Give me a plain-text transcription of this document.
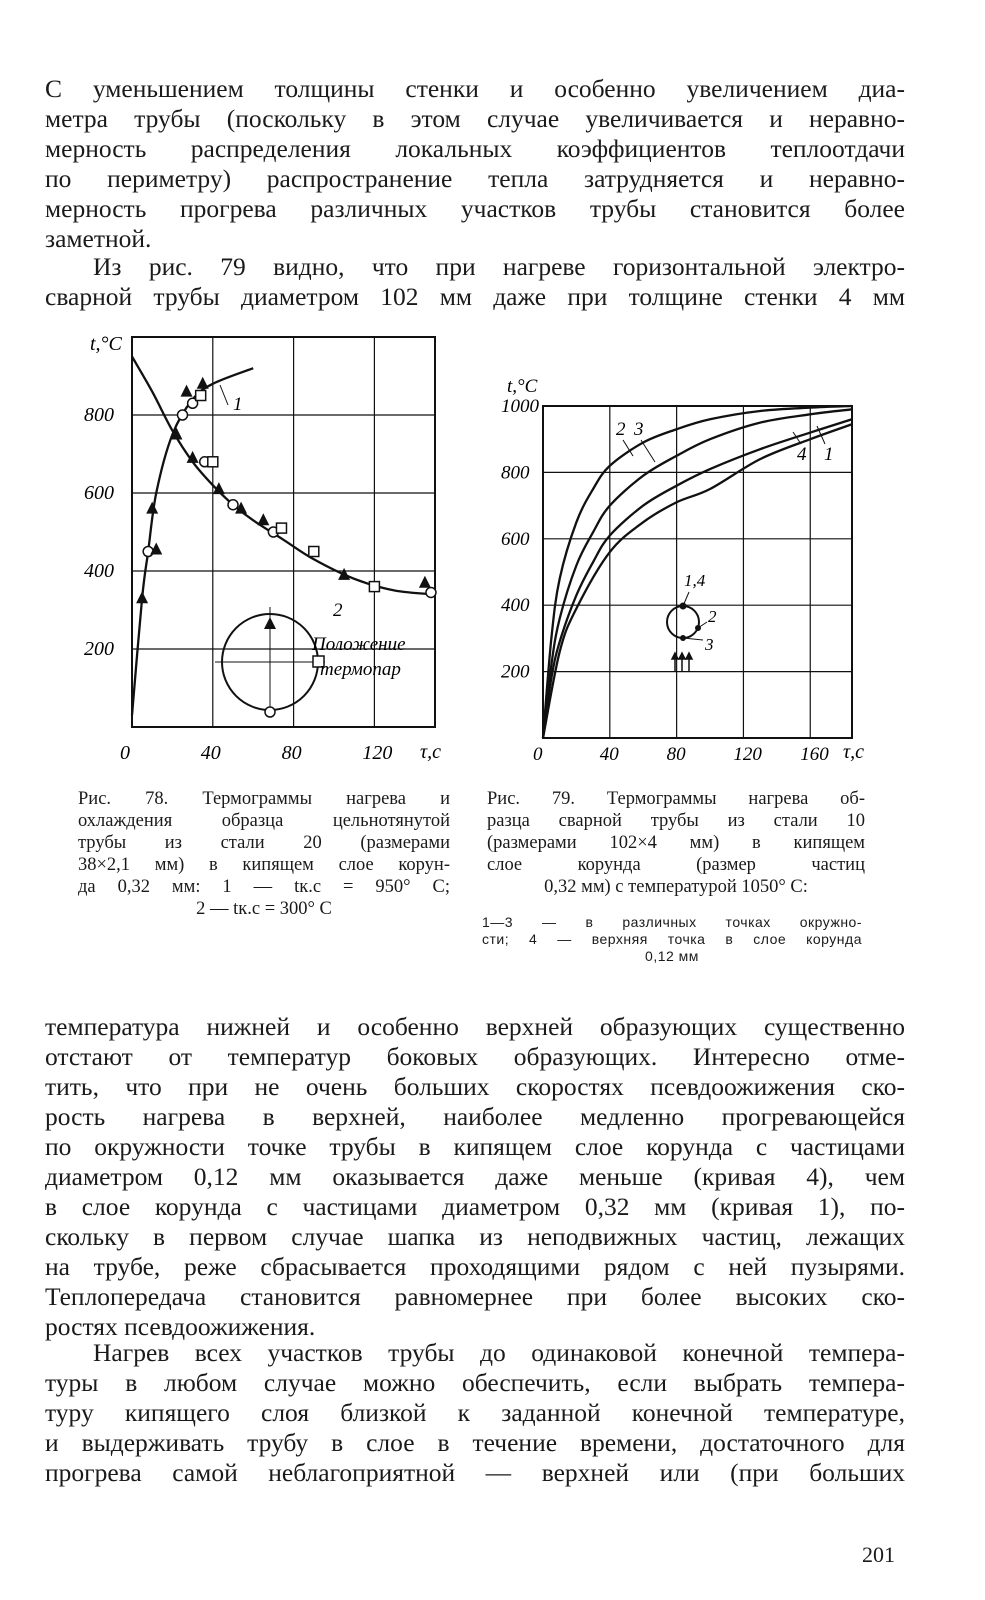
С уменьшением толщины стенки и особенно увеличением диа-
метра трубы (поскольку в этом случае увеличивается и неравно-
мерность распределения локальных коэффициентов теплоотдачи
по периметру) распространение тепла затрудняется и неравно-
мерность прогрева различных участков трубы становится более
заметной.
Из рис. 79 видно, что при нагреве горизонтальной электро-
сварной трубы диаметром 102 мм даже при толщине стенки 4 мм
0	40	80	120
200
400
600
800
Положение
термопар
t,°C
τ,с
1
2
0	40	80	120 160
200
400
600
800
1000
1,4
2
3
t,°C
τ,с
2 3
4 1
Рис. 78. Термограммы нагрева и
охлаждения образца цельнотянутой
трубы из стали 20 (размерами
38×2,1 мм) в кипящем слое корун-
да 0,32 мм: 1 — tк.с = 950° С;
2 — tк.с = 300° С
Рис. 79. Термограммы нагрева об-
разца сварной трубы из стали 10
(размерами 102×4 мм) в кипящем
слое корунда (размер частиц
0,32 мм) с температурой 1050° С:
1—3 — в различных точках окружно-
сти; 4 — верхняя точка в слое корунда
0,12 мм
температура нижней и особенно верхней образующих существенно
отстают от температур боковых образующих. Интересно отме-
тить, что при не очень больших скоростях псевдоожижения ско-
рость нагрева в верхней, наиболее медленно прогревающейся
по окружности точке трубы в кипящем слое корунда с частицами
диаметром 0,12 мм оказывается даже меньше (кривая 4), чем
в слое корунда с частицами диаметром 0,32 мм (кривая 1), по-
скольку в первом случае шапка из неподвижных частиц, лежащих
на трубе, реже сбрасывается проходящими рядом с ней пузырями.
Теплопередача становится равномернее при более высоких ско-
ростях псевдоожижения.
Нагрев всех участков трубы до одинаковой конечной темпера-
туры в любом случае можно обеспечить, если выбрать темпера-
туру кипящего слоя близкой к заданной конечной температуре,
и выдерживать трубу в слое в течение времени, достаточного для
прогрева самой неблагоприятной — верхней или (при больших
201
